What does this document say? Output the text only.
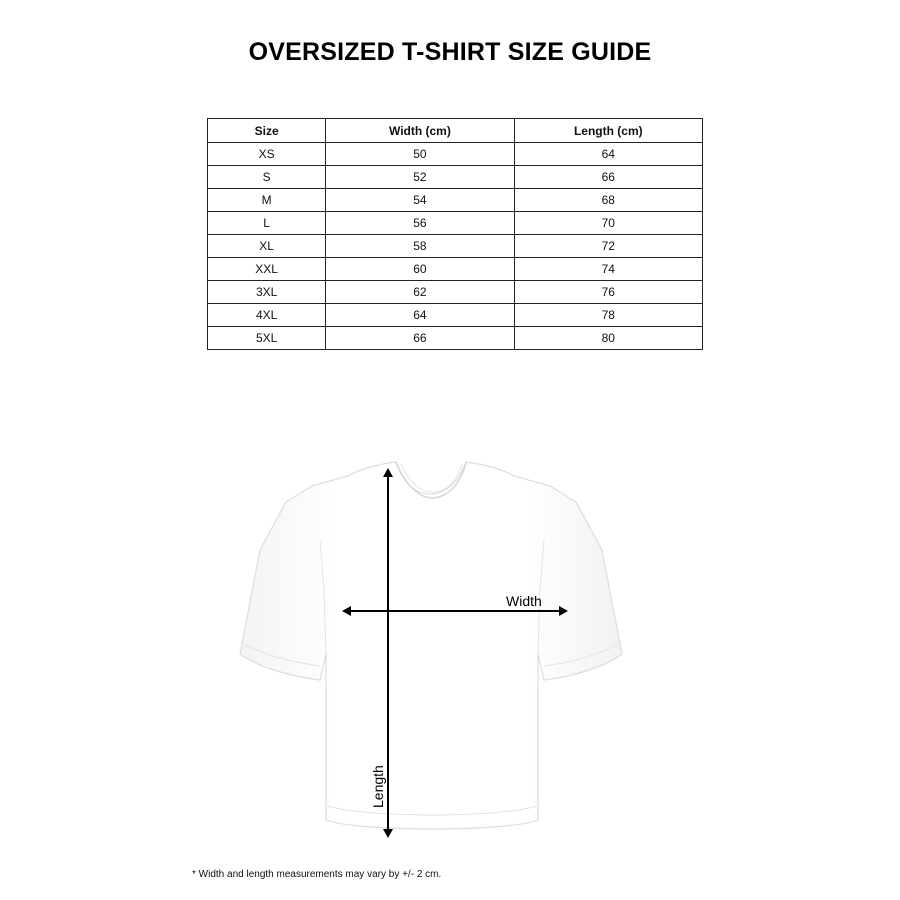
OVERSIZED T-SHIRT SIZE GUIDE
Size	Width (cm)	Length (cm)
XS	50	64
S	52	66
M	54	68
L	56	70
XL	58	72
XXL	60	74
3XL	62	76
4XL	64	78
5XL	66	80
Width
Length

* Width and length measurements may vary by +/- 2 cm.
